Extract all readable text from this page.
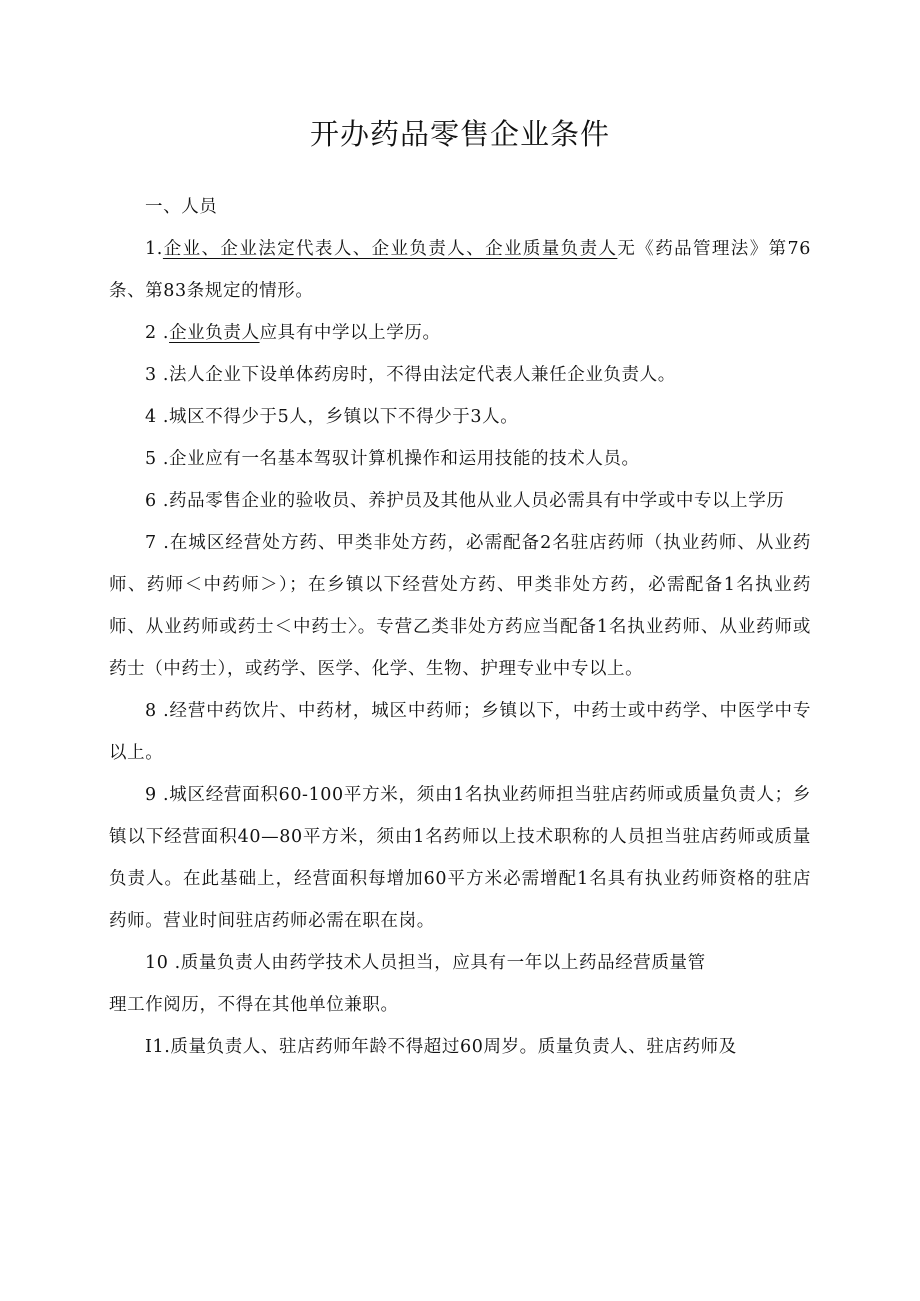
开办药品零售企业条件

一、人员

1.企业、企业法定代表人、企业负责人、企业质量负责人无《药品管理法》第76条、第83条规定的情形。

2 .企业负责人应具有中学以上学历。

3 .法人企业下设单体药房时，不得由法定代表人兼任企业负责人。

4 .城区不得少于5人，乡镇以下不得少于3人。

5 .企业应有一名基本驾驭计算机操作和运用技能的技术人员。

6 .药品零售企业的验收员、养护员及其他从业人员必需具有中学或中专以上学历

7 .在城区经营处方药、甲类非处方药，必需配备2名驻店药师（执业药师、从业药师、药师＜中药师＞）；在乡镇以下经营处方药、甲类非处方药，必需配备1名执业药师、从业药师或药士＜中药士〉。专营乙类非处方药应当配备1名执业药师、从业药师或药士（中药士），或药学、医学、化学、生物、护理专业中专以上。

8 .经营中药饮片、中药材，城区中药师；乡镇以下，中药士或中药学、中医学中专以上。

9 .城区经营面积60-100平方米，须由1名执业药师担当驻店药师或质量负责人；乡镇以下经营面积40—80平方米，须由1名药师以上技术职称的人员担当驻店药师或质量负责人。在此基础上，经营面积每增加60平方米必需增配1名具有执业药师资格的驻店药师。营业时间驻店药师必需在职在岗。

10 .质量负责人由药学技术人员担当，应具有一年以上药品经营质量管

理工作阅历，不得在其他单位兼职。

I1.质量负责人、驻店药师年龄不得超过60周岁。质量负责人、驻店药师及
